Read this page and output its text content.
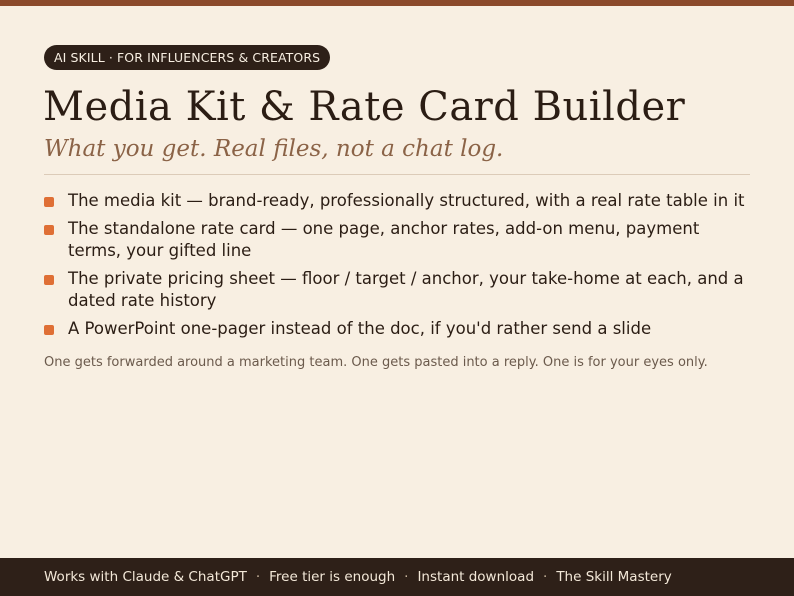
AI SKILL · FOR INFLUENCERS & CREATORS
Media Kit & Rate Card Builder

What you get. Real files, not a chat log.

The media kit — brand-ready, professionally structured, with a real rate table in it
The standalone rate card — one page, anchor rates, add-on menu, payment terms, your gifted line
The private pricing sheet — floor / target / anchor, your take-home at each, and a dated rate history
A PowerPoint one-pager instead of the doc, if you'd rather send a slide

One gets forwarded around a marketing team. One gets pasted into a reply. One is for your eyes only.

Works with Claude & ChatGPT · Free tier is enough · Instant download · The Skill Mastery
